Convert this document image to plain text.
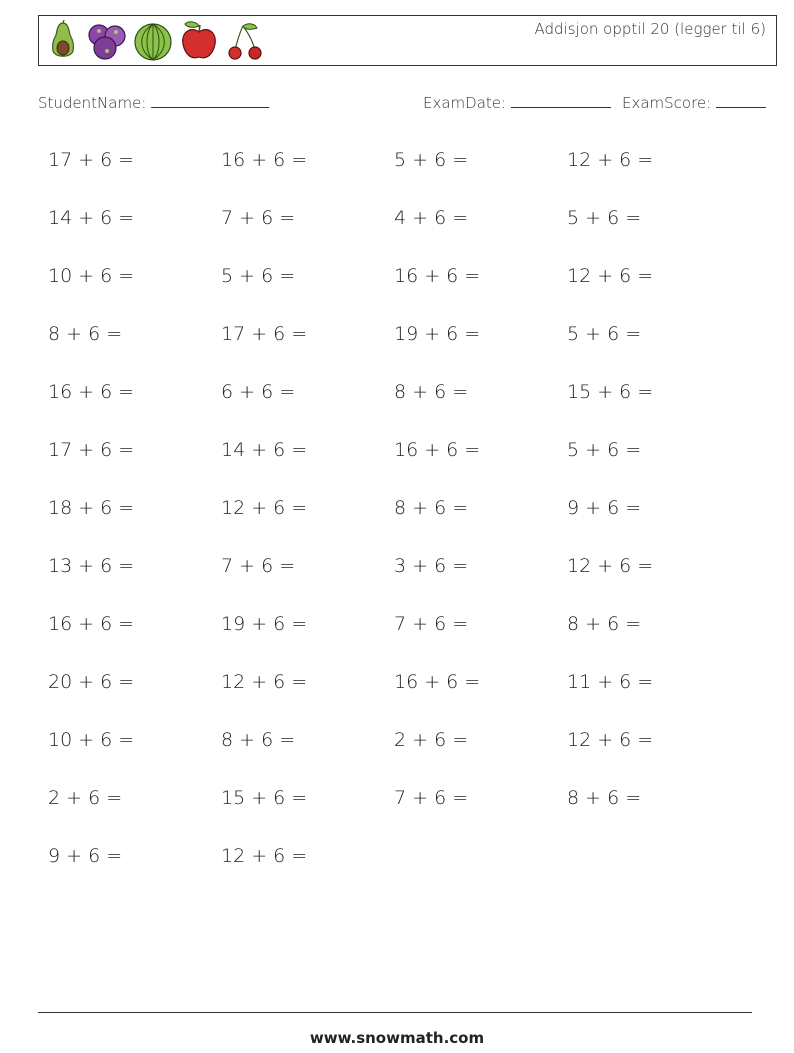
Addisjon opptil 20 (legger til 6)
StudentName:	ExamDate:	ExamScore:
17 + 6 =	16 + 6 =	5 + 6 =	12 + 6 =
14 + 6 =	7 + 6 =	4 + 6 =	5 + 6 =
10 + 6 =	5 + 6 =	16 + 6 =	12 + 6 =
8 + 6 =	17 + 6 =	19 + 6 =	5 + 6 =
16 + 6 =	6 + 6 =	8 + 6 =	15 + 6 =
17 + 6 =	14 + 6 =	16 + 6 =	5 + 6 =
18 + 6 =	12 + 6 =	8 + 6 =	9 + 6 =
13 + 6 =	7 + 6 =	3 + 6 =	12 + 6 =
16 + 6 =	19 + 6 =	7 + 6 =	8 + 6 =
20 + 6 =	12 + 6 =	16 + 6 =	11 + 6 =
10 + 6 =	8 + 6 =	2 + 6 =	12 + 6 =
2 + 6 =	15 + 6 =	7 + 6 =	8 + 6 =
9 + 6 =	12 + 6 =
www.snowmath.com
